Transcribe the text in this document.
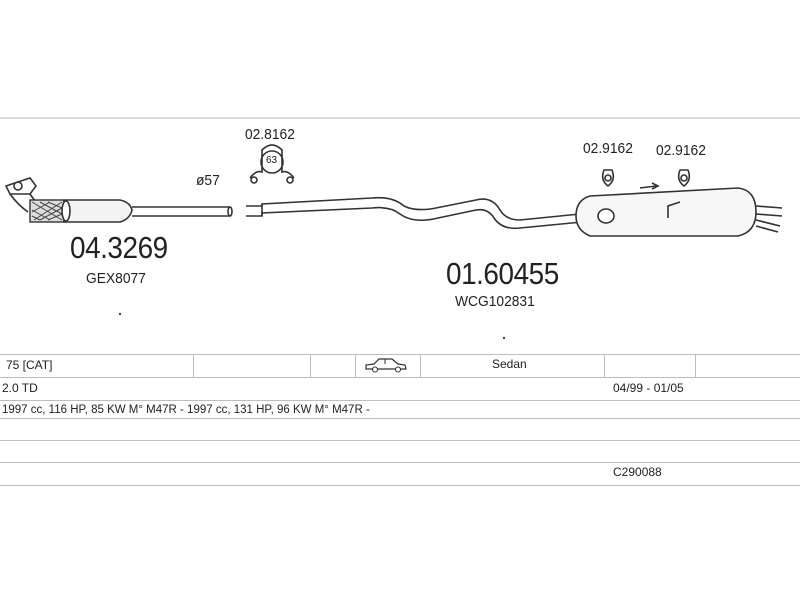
04.3269
GEX8077	01.60455
WCG102831
02.8162
63
ø57
02.9162 02.9162
75 [CAT]	Sedan
2.0 TD	04/99 - 01/05
1997 cc, 116 HP, 85 KW M° M47R - 1997 cc, 131 HP, 96 KW M° M47R -
C290088
